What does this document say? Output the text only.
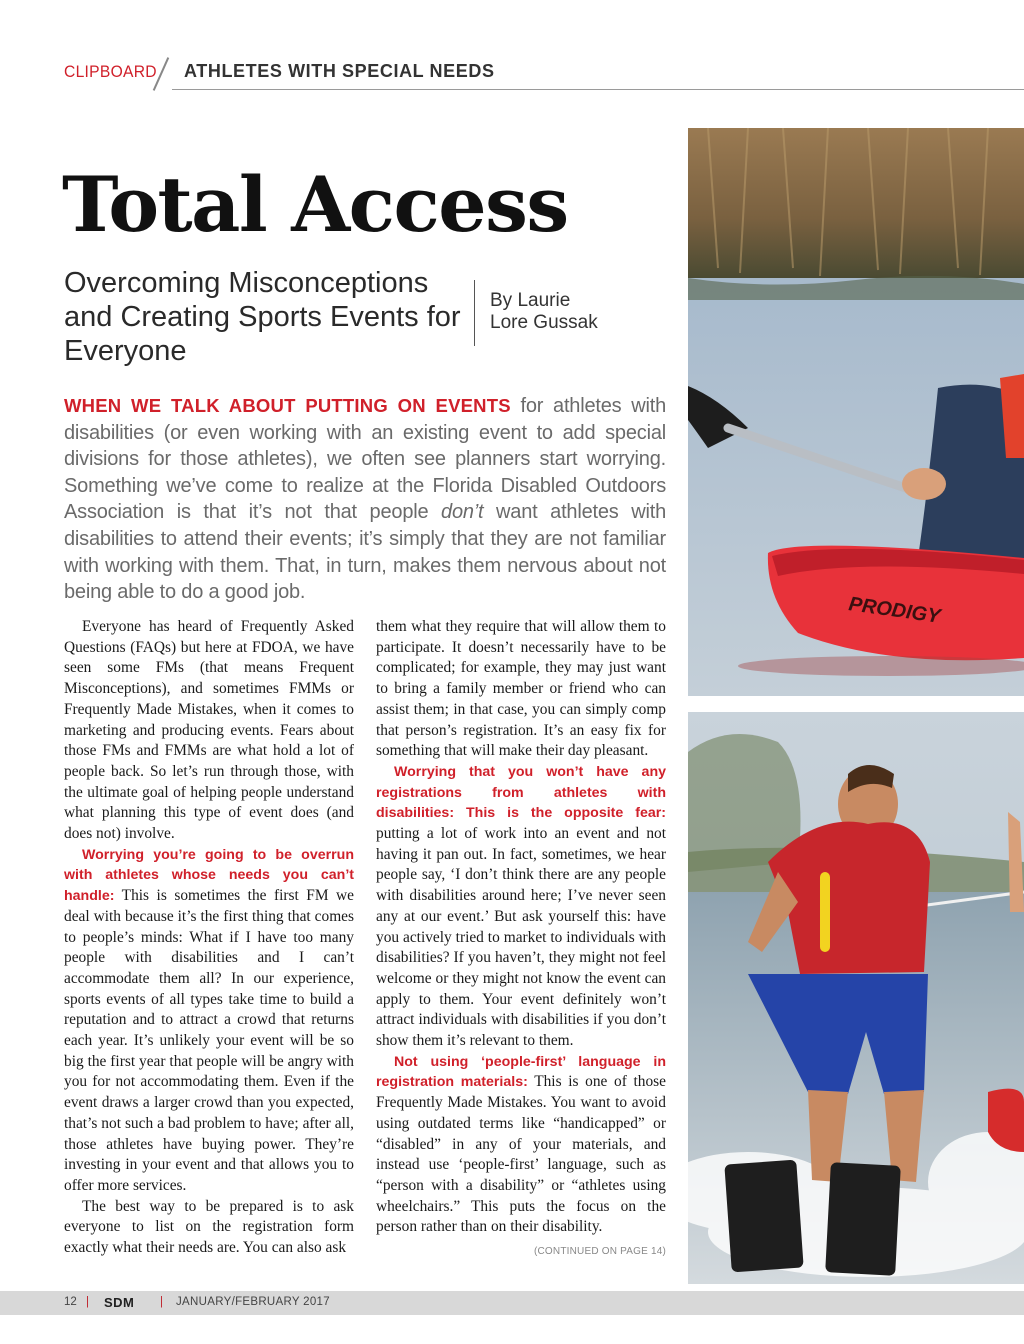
CLIPBOARD ATHLETES WITH SPECIAL NEEDS
Total Access
Overcoming Misconceptions and Creating Sports Events for Everyone
By Laurie
Lore Gussak

WHEN WE TALK ABOUT PUTTING ON EVENTS for athletes with disabilities (or even working with an existing event to add special divisions for those athletes), we often see planners start worrying. Something we’ve come to realize at the Florida Disabled Outdoors Association is that it’s not that people don’t want athletes with disabilities to attend their events; it’s simply that they are not familiar with working with them. That, in turn, makes them nervous about not being able to do a good job.

Everyone has heard of Frequently Asked Questions (FAQs) but here at FDOA, we have seen some FMs (that means Frequent Misconceptions), and sometimes FMMs or Frequently Made Mistakes, when it comes to marketing and producing events. Fears about those FMs and FMMs are what hold a lot of people back. So let’s run through those, with the ultimate goal of helping people understand what planning this type of event does (and does not) involve.

Worrying you’re going to be overrun with athletes whose needs you can’t handle: This is sometimes the first FM we deal with because it’s the first thing that comes to people’s minds: What if I have too many people with disabilities and I can’t accommodate them all? In our experience, sports events of all types take time to build a reputation and to attract a crowd that returns each year. It’s unlikely your event will be so big the first year that people will be angry with you for not accommodating them. Even if the event draws a larger crowd than you expected, that’s not such a bad problem to have; after all, those athletes have buying power. They’re investing in your event and that allows you to offer more services.

The best way to be prepared is to ask everyone to list on the registration form exactly what their needs are. You can also ask

them what they require that will allow them to participate. It doesn’t necessarily have to be complicated; for example, they may just want to bring a family member or friend who can assist them; in that case, you can simply comp that person’s registration. It’s an easy fix for something that will make their day pleasant.

Worrying that you won’t have any registrations from athletes with disabilities: This is the opposite fear: putting a lot of work into an event and not having it pan out. In fact, sometimes, we hear people say, ‘I don’t think there are any people with disabilities around here; I’ve never seen any at our event.’ But ask yourself this: have you actively tried to market to individuals with disabilities? If you haven’t, they might not feel welcome or they might not know the event can apply to them. Your event definitely won’t attract individuals with disabilities if you don’t show them it’s relevant to them.

Not using ‘people-first’ language in registration materials: This is one of those Frequently Made Mistakes. You want to avoid using outdated terms like “handicapped” or “disabled” in any of your materials, and instead use ‘people-first’ language, such as “person with a disability” or “athletes using wheelchairs.” This puts the focus on the person rather than on their disability.
(CONTINUED ON PAGE 14)

PRODIGY
12 | SDM | JANUARY/FEBRUARY 2017
